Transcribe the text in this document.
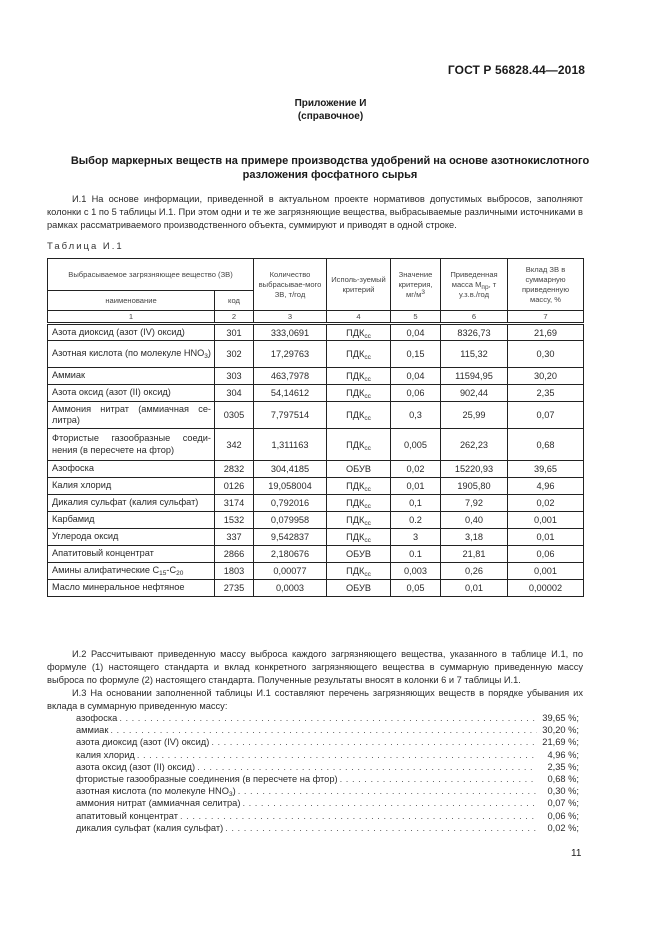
ГОСТ Р 56828.44—2018
Приложение И
(справочное)
Выбор маркерных веществ на примере производства удобрений на основе азотнокислотного
разложения фосфатного сырья
И.1 На основе информации, приведенной в актуальном проекте нормативов допустимых выбросов, заполняют колонки с 1 по 5 таблицы И.1. При этом одни и те же загрязняющие вещества, выбрасываемые различными источниками в рамках рассматриваемого производственного объекта, суммируют и приводят в одной строке.
Таблица И.1
Выбрасываемое загрязняющее вещество (ЗВ)		Количество выбрасывае-мого ЗВ, т/год	Исполь-зуемый критерий	Значение критерия, $мг/м^3$	Приведенная масса $M_{пр}$, т у.з.в./год	Вклад ЗВ в суммарную приведенную массу, %
наименование	код					
1	2	3	4	5	6	7
Азота диоксид (азот (IV) оксид)	301	333,0691	$ПДК_{сс}$	0,04	8326,73	21,69
Азотная кислота (по молекуле $HNO_3$)	302	17,29763	$ПДК_{сс}$	0,15	115,32	0,30
Аммиак	303	463,7978	$ПДК_{сс}$	0,04	11594,95	30,20
Азота оксид (азот (II) оксид)	304	54,14612	$ПДК_{сс}$	0,06	902,44	2,35
Аммония нитрат (аммиачная се-литра)	0305	7,797514	$ПДК_{сс}$	0,3	25,99	0,07
Фтористые газообразные соеди-нения (в пересчете на фтор)	342	1,311163	$ПДК_{сс}$	0,005	262,23	0,68
Азофоска	2832	304,4185	ОБУВ	0,02	15220,93	39,65
Калия хлорид	0126	19,058004	$ПДК_{сс}$	0,01	1905,80	4,96
Дикалия сульфат (калия сульфат)	3174	0,792016	$ПДК_{сс}$	0,1	7,92	0,02
Карбамид	1532	0,079958	$ПДК_{сс}$	0.2	0,40	0,001
Углерода оксид	337	9,542837	$ПДК_{сс}$	3	3,18	0,01
Апатитовый концентрат	2866	2,180676	ОБУВ	0.1	21,81	0,06
Амины алифатические $C_{15}-C_{20}$	1803	0,00077	$ПДК_{сс}$	0,003	0,26	0,001
Масло минеральное нефтяное	2735	0,0003	ОБУВ	0,05	0,01	0,00002
И.2 Рассчитывают приведенную массу выброса каждого загрязняющего вещества, указанного в таблице И.1, по формуле (1) настоящего стандарта и вклад конкретного загрязняющего вещества в суммарную приведенную массу выброса по формуле (2) настоящего стандарта. Полученные результаты вносят в колонки 6 и 7 таблицы И.1.
И.3 На основании заполненной таблицы И.1 составляют перечень загрязняющих веществ в порядке убывания их вклада в суммарную приведенную массу:
азофоска . . .	39,65 %;
аммиак . . .	30,20 %;
азота диоксид (азот (IV) оксид) . . .	21,69 %;
калия хлорид . . .	4,96 %;
азота оксид (азот (II) оксид) . . .	2,35 %;
фтористые газообразные соединения (в пересчете на фтор) . . .	0,68 %;
азотная кислота (по молекуле $HNO_3$) . . .	0,30 %;
аммония нитрат (аммиачная селитра) . . .	0,07 %;
апатитовый концентрат . . .	0,06 %;
дикалия сульфат (калия сульфат) . . .	0,02 %;
11
